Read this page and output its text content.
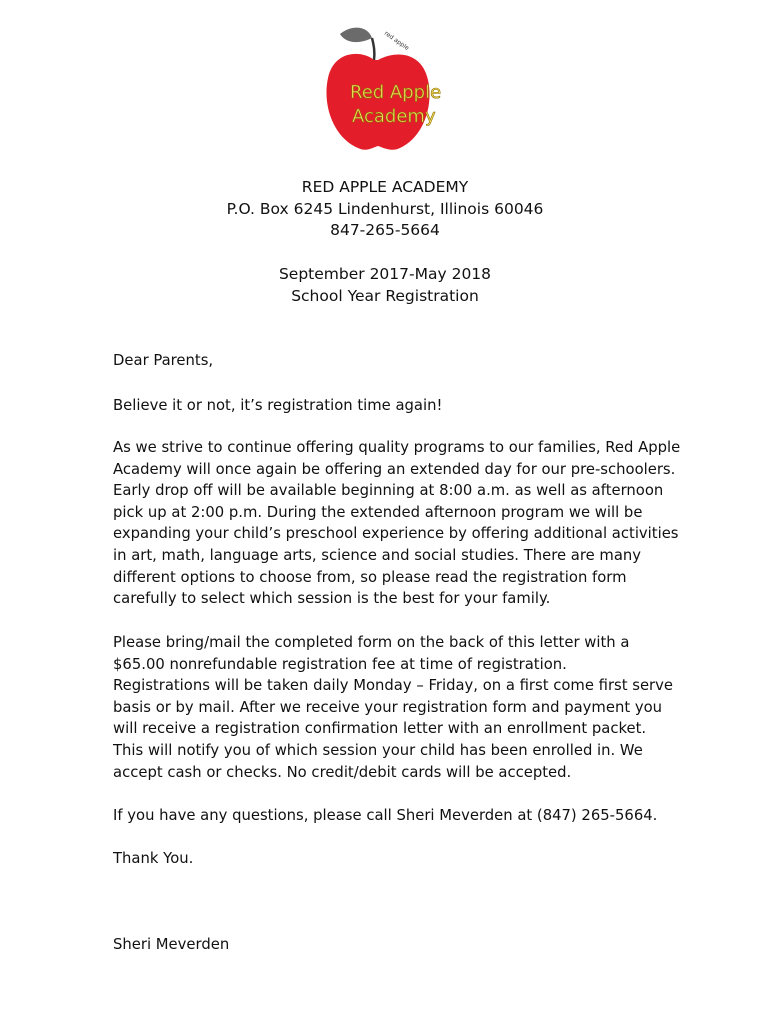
red apple
Red Apple
Academy
RED APPLE ACADEMY
P.O. Box 6245 Lindenhurst, Illinois 60046
847-265-5664
September 2017-May 2018
School Year Registration
Dear Parents,
Believe it or not, it’s registration time again!
As we strive to continue offering quality programs to our families, Red Apple
Academy will once again be offering an extended day for our pre-schoolers.
Early drop off will be available beginning at 8:00 a.m. as well as afternoon
pick up at 2:00 p.m. During the extended afternoon program we will be
expanding your child’s preschool experience by offering additional activities
in art, math, language arts, science and social studies. There are many
different options to choose from, so please read the registration form
carefully to select which session is the best for your family.
Please bring/mail the completed form on the back of this letter with a
$65.00 nonrefundable registration fee at time of registration.
Registrations will be taken daily Monday – Friday, on a first come first serve
basis or by mail. After we receive your registration form and payment you
will receive a registration confirmation letter with an enrollment packet.
This will notify you of which session your child has been enrolled in. We
accept cash or checks. No credit/debit cards will be accepted.
If you have any questions, please call Sheri Meverden at (847) 265-5664.
Thank You.
Sheri Meverden
